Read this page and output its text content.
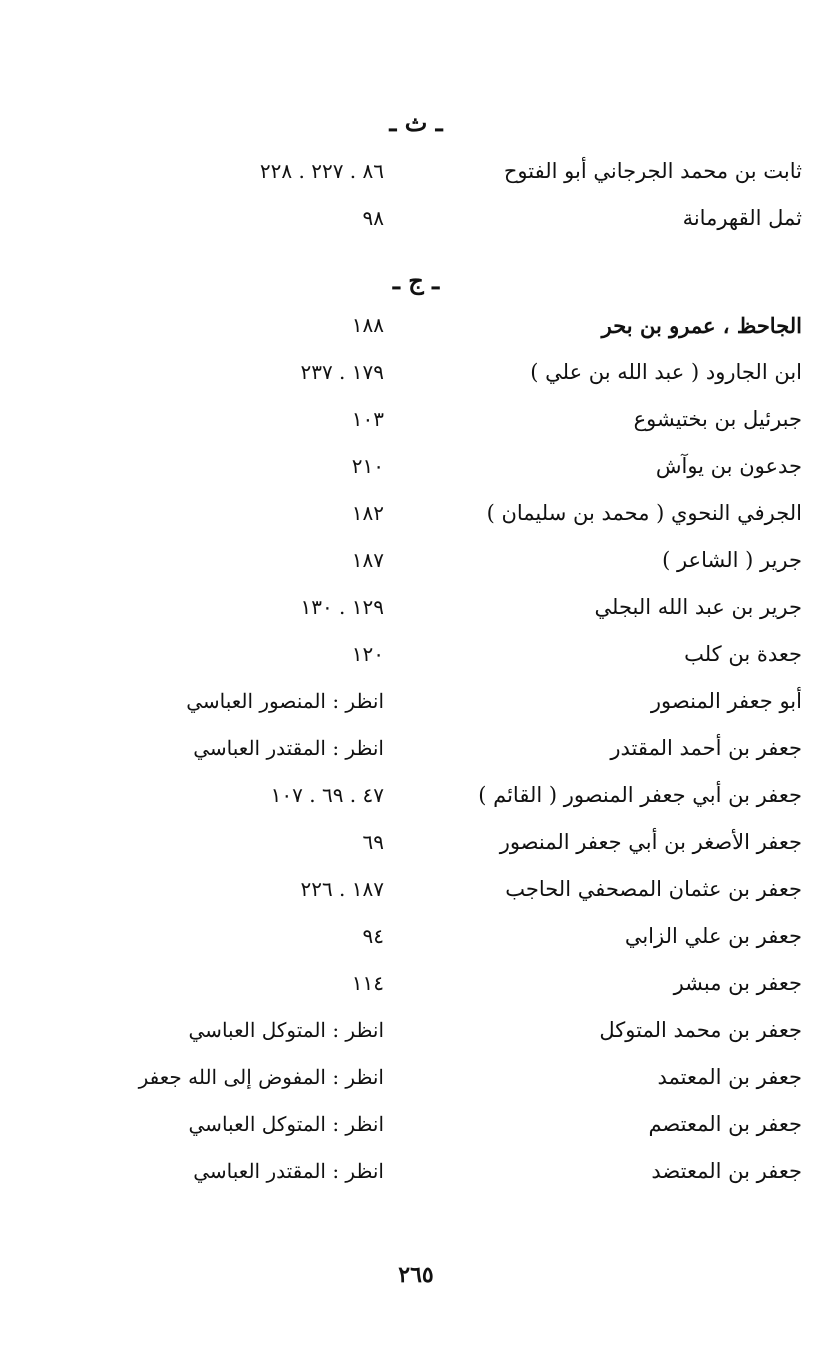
ـ ث ـ
ثابت بن محمد الجرجاني أبو الفتوح
٨٦ . ٢٢٧ . ٢٢٨
ثمل القهرمانة
٩٨
ـ ج ـ
الجاحظ ، عمرو بن بحر
١٨٨
ابن الجارود ( عبد الله بن علي )
١٧٩ . ٢٣٧
جبرئيل بن بختيشوع
١٠٣
جدعون بن يوآش
٢١٠
الجرفي النحوي ( محمد بن سليمان )
١٨٢
جرير ( الشاعر )
١٨٧
جرير بن عبد الله البجلي
١٢٩ . ١٣٠
جعدة بن كلب
١٢٠
أبو جعفر المنصور
انظر : المنصور العباسي
جعفر بن أحمد المقتدر
انظر : المقتدر العباسي
جعفر بن أبي جعفر المنصور ( القائم )
٤٧ . ٦٩ . ١٠٧
جعفر الأصغر بن أبي جعفر المنصور
٦٩
جعفر بن عثمان المصحفي الحاجب
١٨٧ . ٢٢٦
جعفر بن علي الزابي
٩٤
جعفر بن مبشر
١١٤
جعفر بن محمد المتوكل
انظر : المتوكل العباسي
جعفر بن المعتمد
انظر : المفوض إلى الله جعفر
جعفر بن المعتصم
انظر : المتوكل العباسي
جعفر بن المعتضد
انظر : المقتدر العباسي
٢٦٥
